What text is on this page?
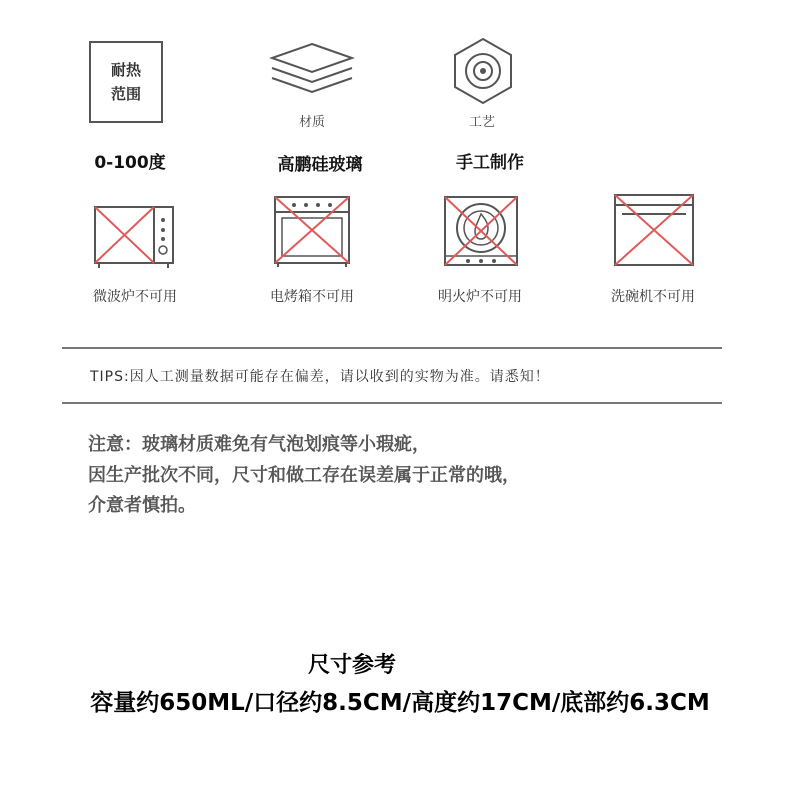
耐热
范围
0-100度
材质
高鹏硅玻璃
工艺
手工制作
微波炉不可用	电烤箱不可用	明火炉不可用	洗碗机不可用
TIPS:因人工测量数据可能存在偏差，请以收到的实物为准。请悉知！
注意：玻璃材质难免有气泡划痕等小瑕疵，
因生产批次不同，尺寸和做工存在误差属于正常的哦，
介意者慎拍。
尺寸参考
容量约650ML/口径约8.5CM/高度约17CM/底部约6.3CM
